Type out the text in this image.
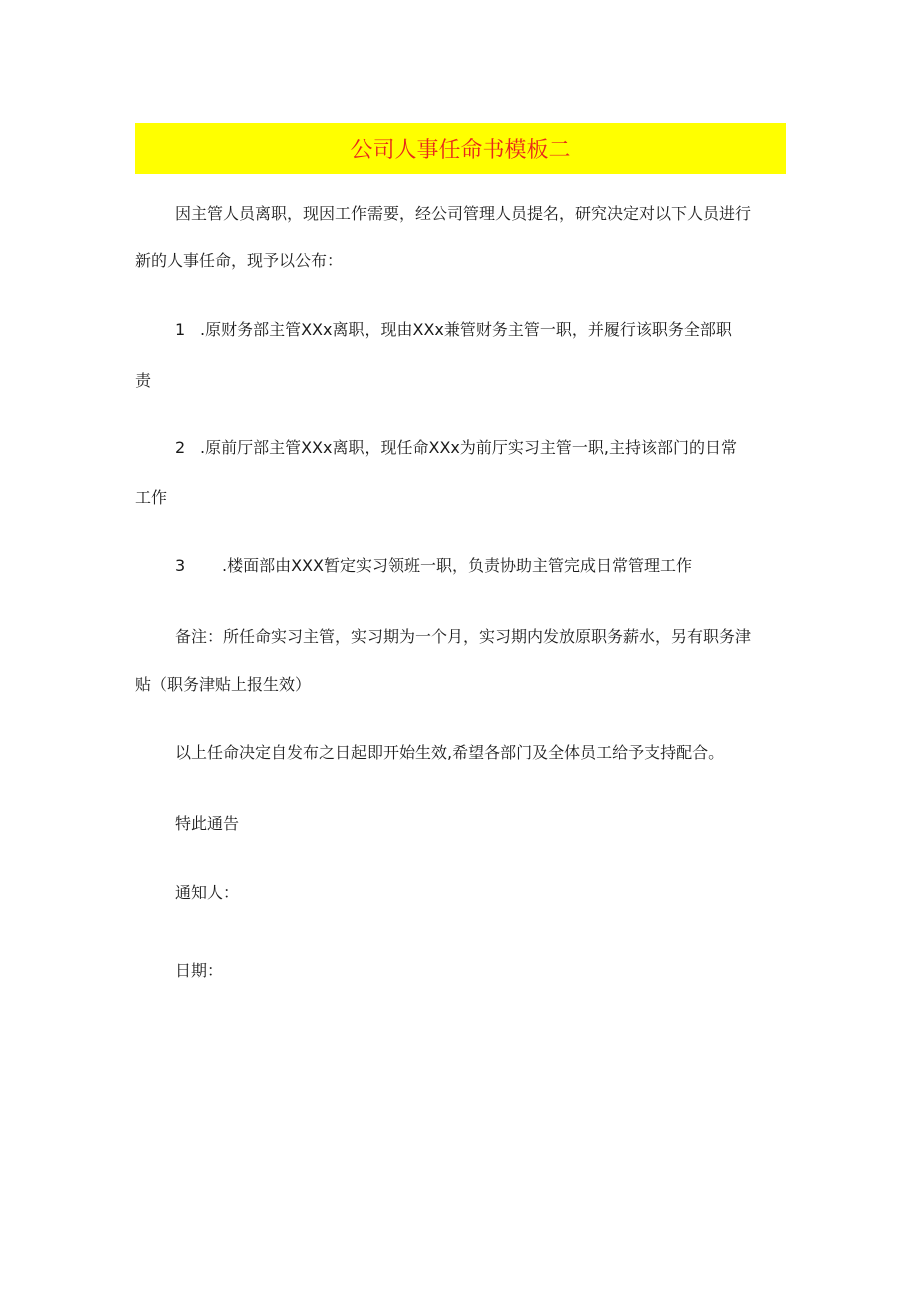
公司人事任命书模板二
因主管人员离职，现因工作需要，经公司管理人员提名，研究决定对以下人员进行
新的人事任命，现予以公布：
1 .原财务部主管XXx离职，现由XXx兼管财务主管一职，并履行该职务全部职
责
2 .原前厅部主管XXx离职，现任命XXx为前厅实习主管一职,主持该部门的日常
工作
3 .楼面部由XXX暂定实习领班一职，负责协助主管完成日常管理工作
备注：所任命实习主管，实习期为一个月，实习期内发放原职务薪水，另有职务津
贴（职务津贴上报生效）
以上任命决定自发布之日起即开始生效,希望各部门及全体员工给予支持配合。
特此通告
通知人：
日期：
